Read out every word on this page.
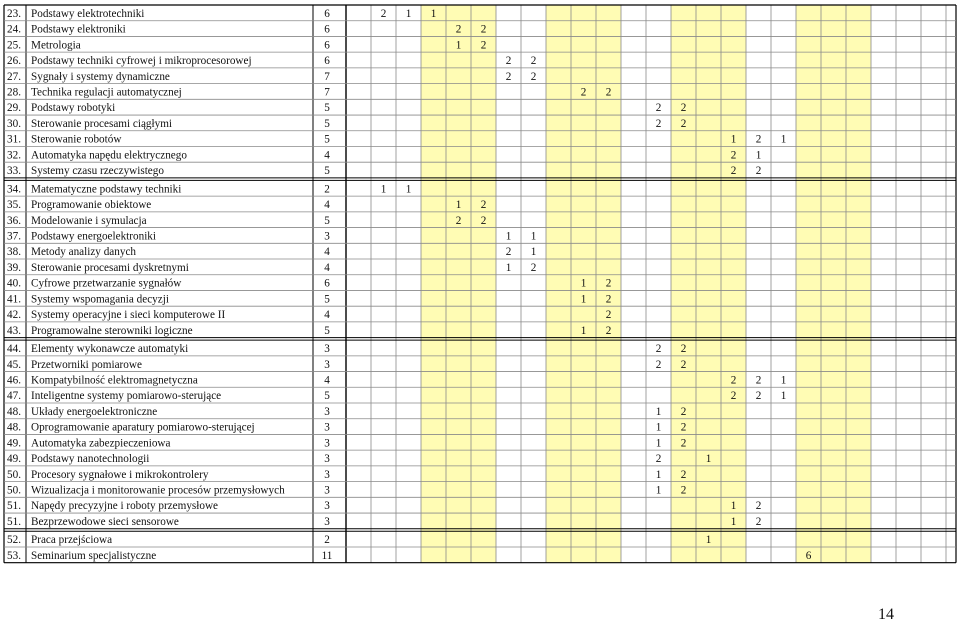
23. Podstawy elektrotechniki	6	2 1 1
24. Podstawy elektroniki	6	2 2
25. Metrologia	6	1 2
26. Podstawy techniki cyfrowej i mikroprocesorowej	6	2 2
27. Sygnały i systemy dynamiczne	7	2 2
28. Technika regulacji automatycznej	7	2 2
29. Podstawy robotyki	5	2 2
30. Sterowanie procesami ciągłymi	5	2 2
31. Sterowanie robotów	5	1 2 1
32. Automatyka napędu elektrycznego	4	2 1
33. Systemy czasu rzeczywistego	5	2 2
34. Matematyczne podstawy techniki	2	1 1
35. Programowanie obiektowe	4	1 2
36. Modelowanie i symulacja	5	2 2
37. Podstawy energoelektroniki	3	1 1
38. Metody analizy danych	4	2 1
39. Sterowanie procesami dyskretnymi	4	1 2
40. Cyfrowe przetwarzanie sygnałów	6	1 2
41. Systemy wspomagania decyzji	5	1 2
42. Systemy operacyjne i sieci komputerowe II	4	2
43. Programowalne sterowniki logiczne	5	1 2
44. Elementy wykonawcze automatyki	3	2 2
45. Przetworniki pomiarowe	3	2 2
46. Kompatybilność elektromagnetyczna	4	2 2 1
47. Inteligentne systemy pomiarowo-sterujące	5	2 2 1
48. Układy energoelektroniczne	3	1 2
48. Oprogramowanie aparatury pomiarowo-sterującej	3	1 2
49. Automatyka zabezpieczeniowa	3	1 2
49. Podstawy nanotechnologii	3	2	1
50. Procesory sygnałowe i mikrokontrolery	3	1 2
50. Wizualizacja i monitorowanie procesów przemysłowych	3	1 2
51. Napędy precyzyjne i roboty przemysłowe	3	1 2
51. Bezprzewodowe sieci sensorowe	3	1 2
52. Praca przejściowa	2	1
53. Seminarium specjalistyczne	11	6
14
